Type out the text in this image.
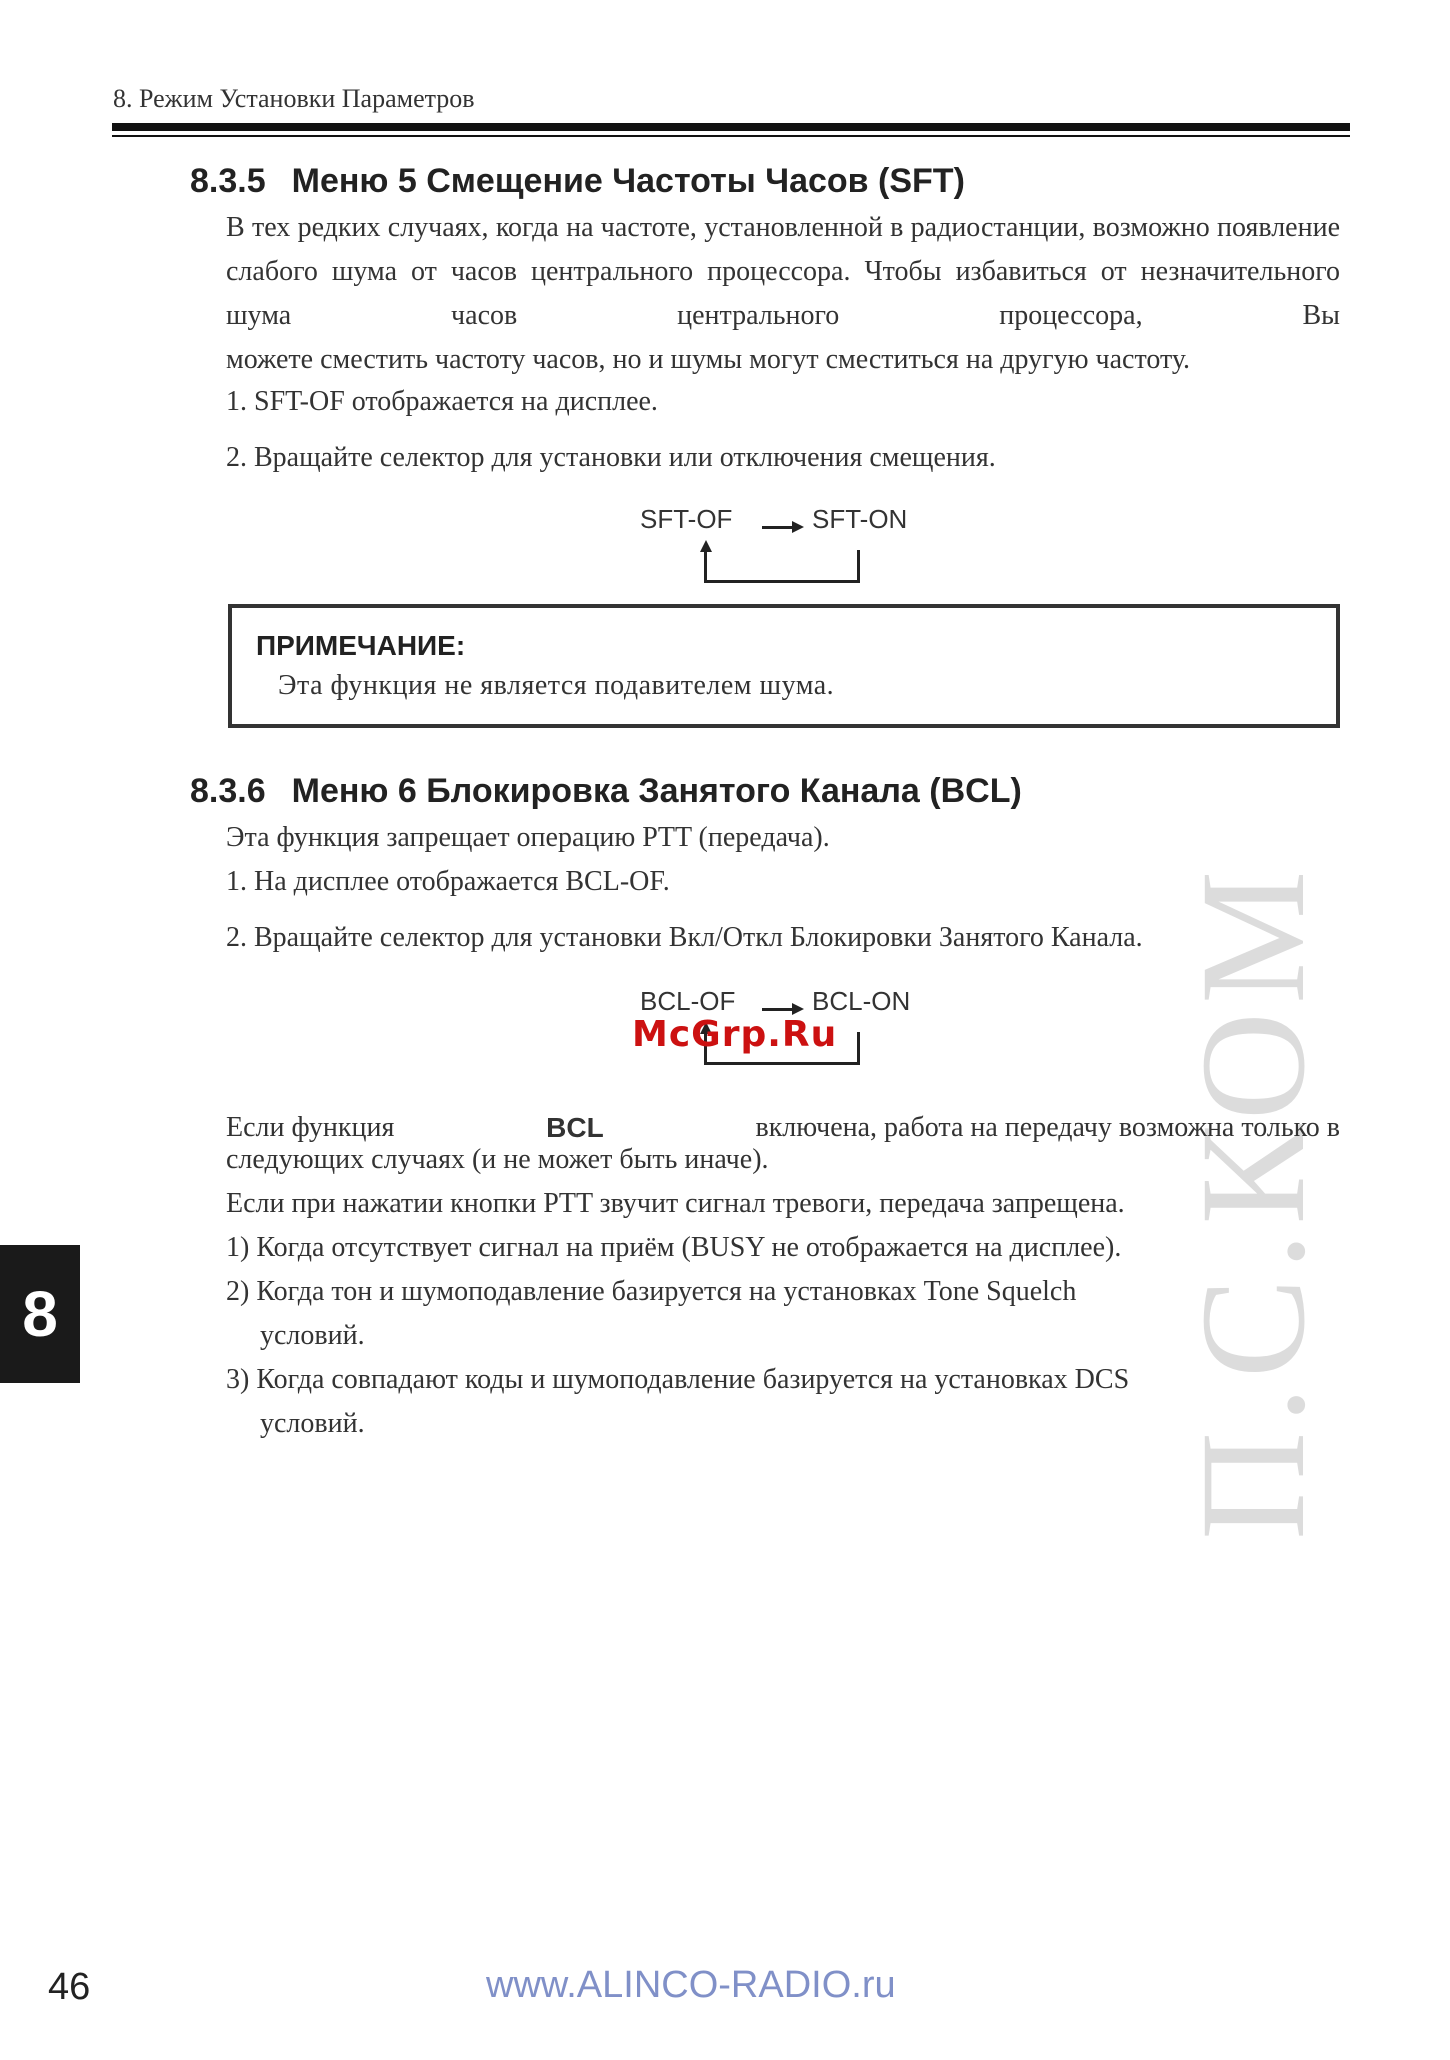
8. Режим Установки Параметров
П.С.КОМ
8.3.5 Меню 5 Смещение Частоты Часов (SFT)
В тех редких случаях, когда на частоте, установленной в радиостанции, возможно появление слабого шума от часов центрального процессора. Чтобы избавиться от незначительного шума часов центрального процессора, Вы
можете сместить частоту часов, но и шумы могут сместиться на другую частоту.
1. SFT-OF отображается на дисплее.
2. Вращайте селектор для установки или отключения смещения.
SFT-OF	SFT-ON
ПРИМЕЧАНИЕ:
Эта функция не является подавителем шума.
8.3.6 Меню 6 Блокировка Занятого Канала (BCL)
Эта функция запрещает операцию PTT (передача).
1. На дисплее отображается BCL-OF.
2. Вращайте селектор для установки Вкл/Откл Блокировки Занятого Канала.
BCL-OF	BCL-ON
McGrp.Ru
Если функция	BCL	включена, работа на передачу возможна только в
следующих случаях (и не может быть иначе).
Если при нажатии кнопки PTT звучит сигнал тревоги, передача запрещена.
1) Когда отсутствует сигнал на приём (BUSY не отображается на дисплее).
2) Когда тон и шумоподавление базируется на установках Tone Squelch
условий.
3) Когда совпадают коды и шумоподавление базируется на установках DCS
условий.
8
46	www.ALINCO-RADIO.ru
